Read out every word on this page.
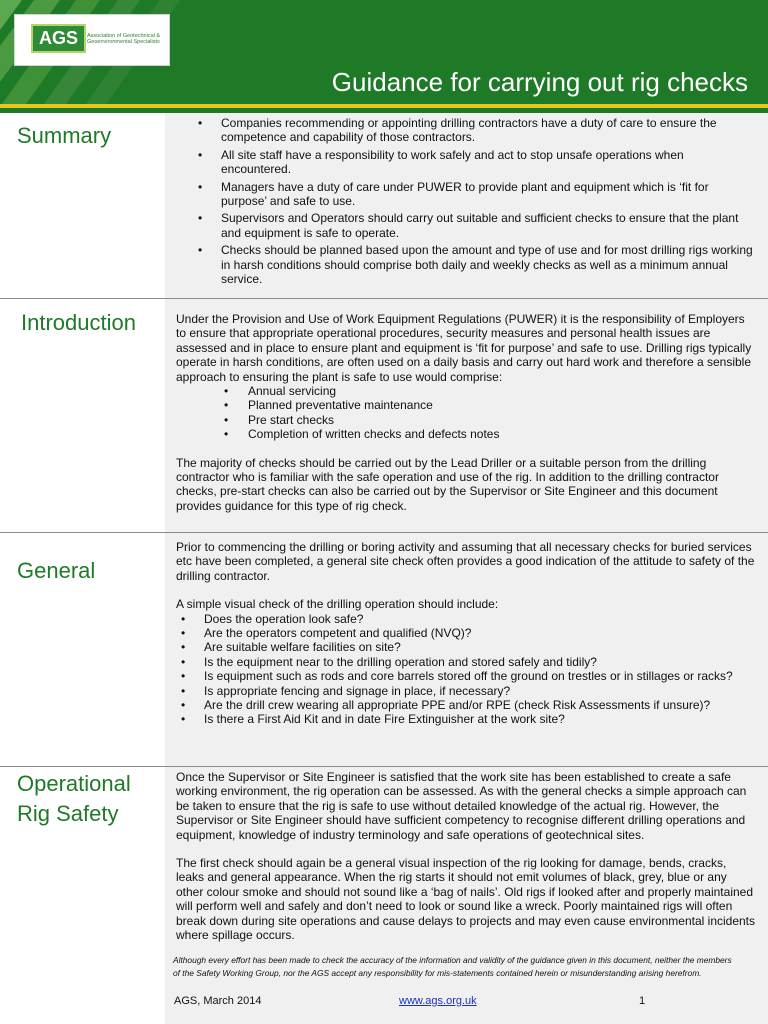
AGS	Association of Geotechnical & Geoenvironmental Specialists
Guidance for carrying out rig checks
Summary
•	Companies recommending or appointing drilling contractors have a duty of care to ensure the competence and capability of those contractors.
• All site staff have a responsibility to work safely and act to stop unsafe operations when encountered.
• Managers have a duty of care under PUWER to provide plant and equipment which is ‘fit for purpose’ and safe to use.
• Supervisors and Operators should carry out suitable and sufficient checks to ensure that the plant and equipment is safe to operate.
• Checks should be planned based upon the amount and type of use and for most drilling rigs working in harsh conditions should comprise both daily and weekly checks as well as a minimum annual service.
Introduction	Under the Provision and Use of Work Equipment Regulations (PUWER) it is the responsibility of Employers to ensure that appropriate operational procedures, security measures and personal health issues are assessed and in place to ensure plant and equipment is ‘fit for purpose’ and safe to use. Drilling rigs typically operate in harsh conditions, are often used on a daily basis and carry out hard work and therefore a sensible approach to ensuring the plant is safe to use would comprise:

• Annual servicing
• Planned preventative maintenance
• Pre start checks
• Completion of written checks and defects notes

The majority of checks should be carried out by the Lead Driller or a suitable person from the drilling contractor who is familiar with the safe operation and use of the rig. In addition to the drilling contractor checks, pre-start checks can also be carried out by the Supervisor or Site Engineer and this document provides guidance for this type of rig check.

General

Prior to commencing the drilling or boring activity and assuming that all necessary checks for buried services etc have been completed, a general site check often provides a good indication of the attitude to safety of the drilling contractor.

A simple visual check of the drilling operation should include:

• Does the operation look safe?
• Are the operators competent and qualified (NVQ)?
• Are suitable welfare facilities on site?
• Is the equipment near to the drilling operation and stored safely and tidily?
• Is equipment such as rods and core barrels stored off the ground on trestles or in stillages or racks?
• Is appropriate fencing and signage in place, if necessary?
• Are the drill crew wearing all appropriate PPE and/or RPE (check Risk Assessments if unsure)?
• Is there a First Aid Kit and in date Fire Extinguisher at the work site?
Operational
Rig Safety

Once the Supervisor or Site Engineer is satisfied that the work site has been established to create a safe working environment, the rig operation can be assessed. As with the general checks a simple approach can be taken to ensure that the rig is safe to use without detailed knowledge of the actual rig. However, the Supervisor or Site Engineer should have sufficient competency to recognise different drilling operations and equipment, knowledge of industry terminology and safe operations of geotechnical sites.

The first check should again be a general visual inspection of the rig looking for damage, bends, cracks, leaks and general appearance. When the rig starts it should not emit volumes of black, grey, blue or any other colour smoke and should not sound like a ‘bag of nails’. Old rigs if looked after and properly maintained will perform well and safely and don’t need to look or sound like a wreck. Poorly maintained rigs will often break down during site operations and cause delays to projects and may even cause environmental incidents where spillage occurs.

Although every effort has been made to check the accuracy of the information and validity of the guidance given in this document, neither the members of the Safety Working Group, nor the AGS accept any responsibility for mis-statements contained herein or misunderstanding arising herefrom.
AGS, March 2014	www.ags.org.uk	1
